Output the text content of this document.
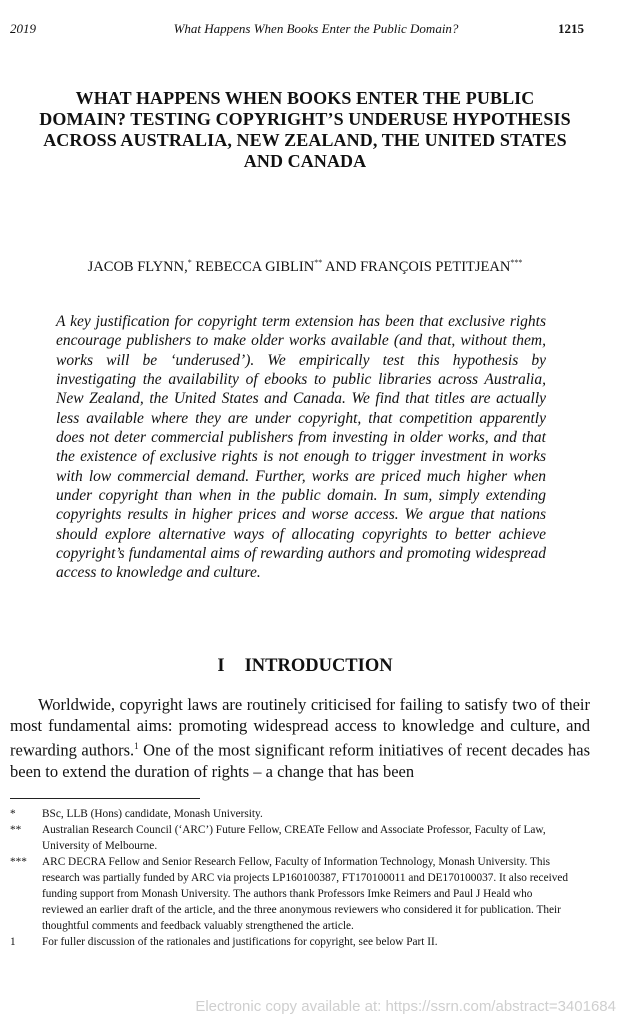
What Happens When Books Enter the Public Domain?
2019	1215
WHAT HAPPENS WHEN BOOKS ENTER THE PUBLIC
DOMAIN? TESTING COPYRIGHT’S UNDERUSE HYPOTHESIS
ACROSS AUSTRALIA, NEW ZEALAND, THE UNITED STATES
AND CANADA
JACOB FLYNN,* REBECCA GIBLIN** AND FRANÇOIS PETITJEAN***
A key justification for copyright term extension has been that exclusive rights encourage publishers to make older works available (and that, without them, works will be ‘underused’). We empirically test this hypothesis by investigating the availability of ebooks to public libraries across Australia, New Zealand, the United States and Canada. We find that titles are actually less available where they are under copyright, that competition apparently does not deter commercial publishers from investing in older works, and that the existence of exclusive rights is not enough to trigger investment in works with low commercial demand. Further, works are priced much higher when under copyright than when in the public domain. In sum, simply extending copyrights results in higher prices and worse access. We argue that nations should explore alternative ways of allocating copyrights to better achieve copyright’s fundamental aims of rewarding authors and promoting widespread access to knowledge and culture.
I INTRODUCTION
Worldwide, copyright laws are routinely criticised for failing to satisfy two of their most fundamental aims: promoting widespread access to knowledge and culture, and rewarding authors.$^1$ One of the most significant reform initiatives of recent decades has been to extend the duration of rights – a change that has been
*	BSc, LLB (Hons) candidate, Monash University.
**	Australian Research Council (‘ARC’) Future Fellow, CREATe Fellow and Associate Professor, Faculty of Law, University of Melbourne.
***	ARC DECRA Fellow and Senior Research Fellow, Faculty of Information Technology, Monash University. This research was partially funded by ARC via projects LP160100387, FT170100011 and DE170100037. It also received funding support from Monash University. The authors thank Professors Imke Reimers and Paul J Heald who reviewed an earlier draft of the article, and the three anonymous reviewers who considered it for publication. Their thoughtful comments and feedback valuably strengthened the article.
1	For fuller discussion of the rationales and justifications for copyright, see below Part II.
Electronic copy available at: https://ssrn.com/abstract=3401684
